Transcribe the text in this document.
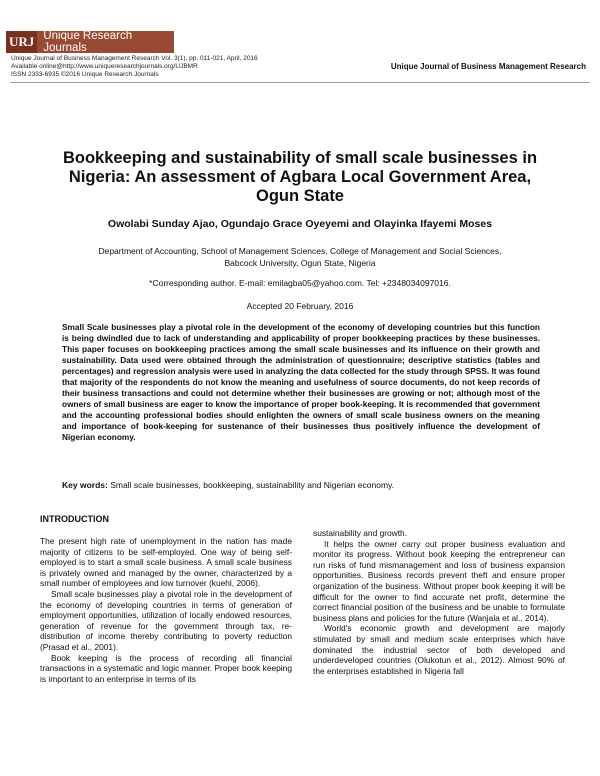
URJ Unique Research Journals
Unique Journal of Business Management Research Vol. 3(1), pp. 011-021, April, 2016
Available online@http://www.uniqueresearchjournals.org/UJBMR
ISSN 2333-6935 ©2016 Unique Research Journals
Unique Journal of Business Management Research
Bookkeeping and sustainability of small scale businesses in Nigeria: An assessment of Agbara Local Government Area, Ogun State
Owolabi Sunday Ajao, Ogundajo Grace Oyeyemi and Olayinka Ifayemi Moses
Department of Accounting, School of Management Sciences, College of Management and Social Sciences,
Babcock University, Ogun State, Nigeria
*Corresponding author. E-mail: emilagba05@yahoo.com. Tel: +2348034097016.
Accepted 20 February, 2016

Small Scale businesses play a pivotal role in the development of the economy of developing countries but this function is being dwindled due to lack of understanding and applicability of proper bookkeeping practices by these businesses. This paper focuses on bookkeeping practices among the small scale businesses and its influence on their growth and sustainability. Data used were obtained through the administration of questionnaire; descriptive statistics (tables and percentages) and regression analysis were used in analyzing the data collected for the study through SPSS. It was found that majority of the respondents do not know the meaning and usefulness of source documents, do not keep records of their business transactions and could not determine whether their businesses are growing or not; although most of the owners of small business are eager to know the importance of proper book-keeping. It is recommended that government and the accounting professional bodies should enlighten the owners of small scale business owners on the meaning and importance of book-keeping for sustenance of their businesses thus positively influence the development of Nigerian economy.

Key words: Small scale businesses, bookkeeping, sustainability and Nigerian economy.
INTRODUCTION

The present high rate of unemployment in the nation has made majority of citizens to be self-employed. One way of being self-employed is to start a small scale business. A small scale business is privately owned and managed by the owner, characterized by a small number of employees and low turnover (kuehl, 2006).

Small scale businesses play a pivotal role in the development of the economy of developing countries in terms of generation of employment opportunities, utilization of locally endowed resources, generation of revenue for the government through tax, re-distribution of income thereby contributing to poverty reduction (Prasad et al., 2001).

Book keeping is the process of recording all financial transactions in a systematic and logic manner. Proper book keeping is important to an enterprise in terms of its

sustainability and growth.

It helps the owner carry out proper business evaluation and monitor its progress. Without book keeping the entrepreneur can run risks of fund mismanagement and loss of business expansion opportunities. Business records prevent theft and ensure proper organization of the business. Without proper book keeping it will be difficult for the owner to find accurate net profit, determine the correct financial position of the business and be unable to formulate business plans and policies for the future (Wanjala et al., 2014).

World's economic growth and development are majorly stimulated by small and medium scale enterprises which have dominated the industrial sector of both developed and underdeveloped countries (Olukotun et al., 2012). Almost 90% of the enterprises established in Nigeria fall
